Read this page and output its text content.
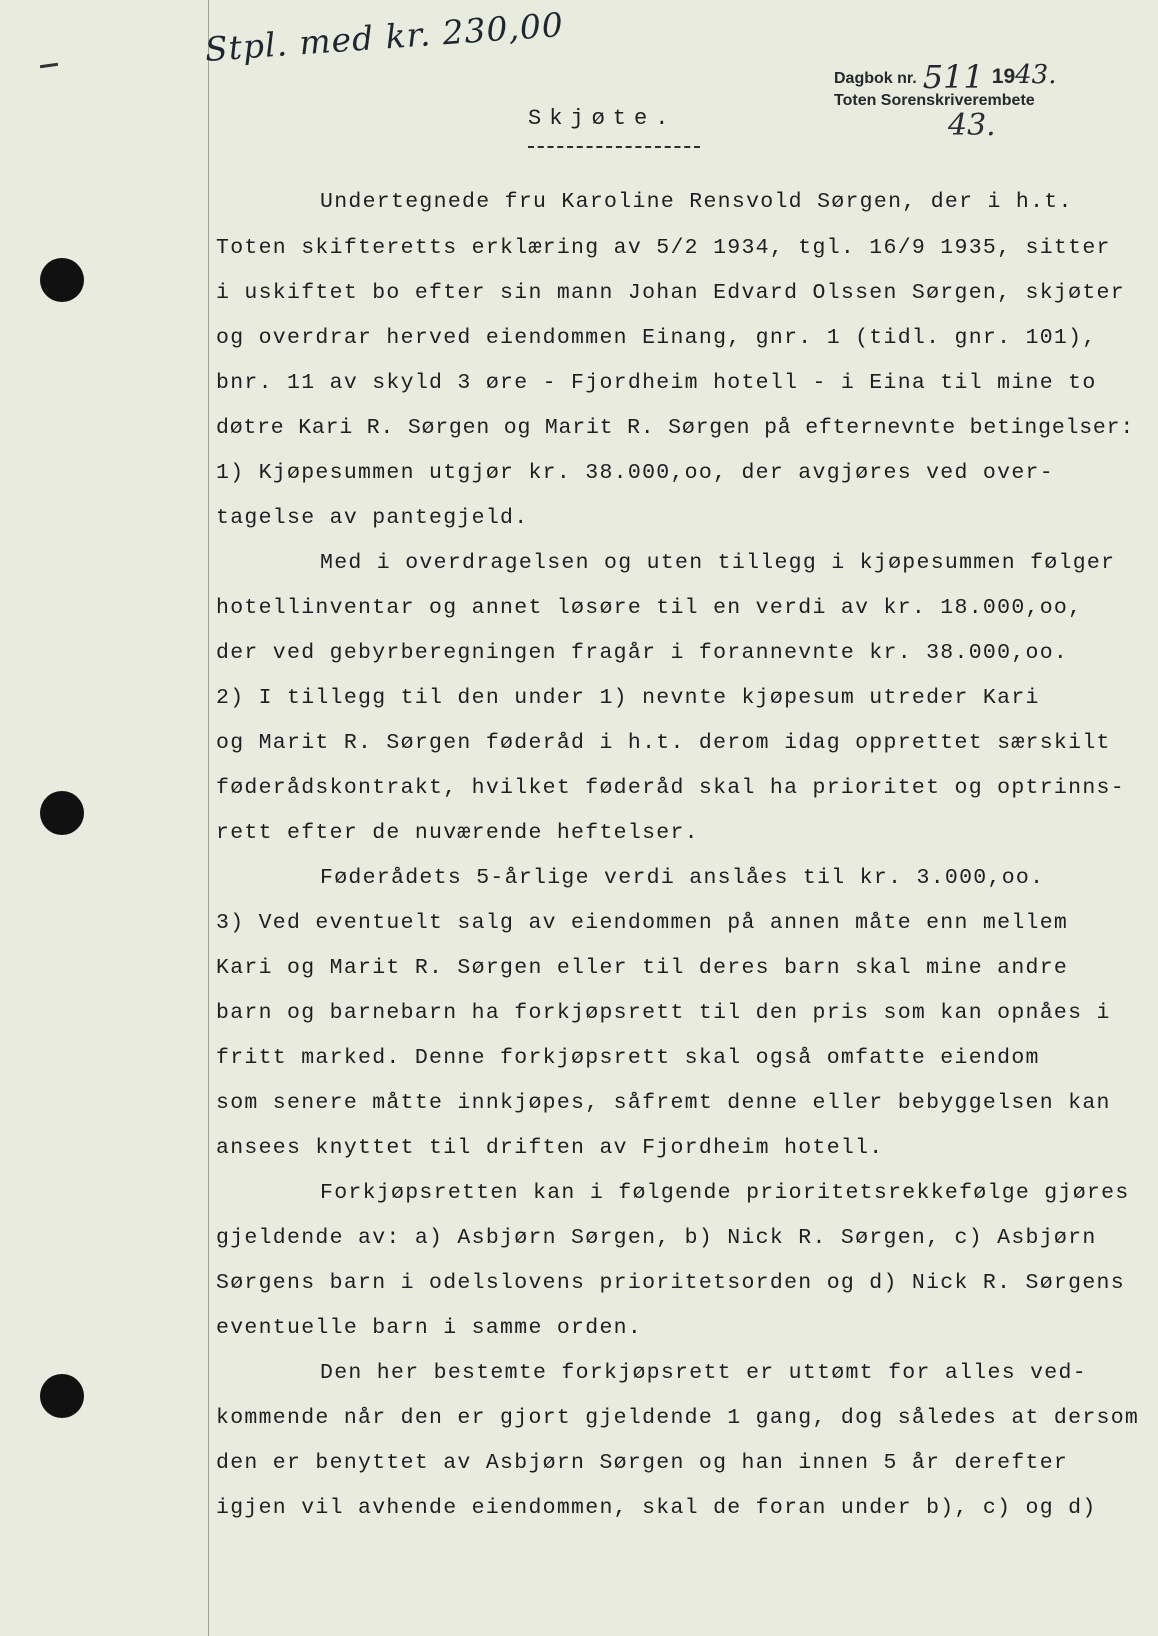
Stpl. med kr. 230,00
Dagbok nr. 511 1943.
Toten Sorenskriverembete
43.
Skjøte.
Undertegnede fru Karoline Rensvold Sørgen, der i h.t.
Toten skifteretts erklæring av 5/2 1934, tgl. 16/9 1935, sitter
i uskiftet bo efter sin mann Johan Edvard Olssen Sørgen, skjøter
og overdrar herved eiendommen Einang, gnr. 1 (tidl. gnr. 101),
bnr. 11 av skyld 3 øre - Fjordheim hotell - i Eina til mine to
døtre Kari R. Sørgen og Marit R. Sørgen på efternevnte betingelser:
1) Kjøpesummen utgjør kr. 38.000,oo, der avgjøres ved over-
tagelse av pantegjeld.
Med i overdragelsen og uten tillegg i kjøpesummen følger
hotellinventar og annet løsøre til en verdi av kr. 18.000,oo,
der ved gebyrberegningen fragår i forannevnte kr. 38.000,oo.
2) I tillegg til den under 1) nevnte kjøpesum utreder Kari
og Marit R. Sørgen føderåd i h.t. derom idag opprettet særskilt
føderådskontrakt, hvilket føderåd skal ha prioritet og optrinns-
rett efter de nuværende heftelser.
Føderådets 5-årlige verdi anslåes til kr. 3.000,oo.
3) Ved eventuelt salg av eiendommen på annen måte enn mellem
Kari og Marit R. Sørgen eller til deres barn skal mine andre
barn og barnebarn ha forkjøpsrett til den pris som kan opnåes i
fritt marked. Denne forkjøpsrett skal også omfatte eiendom
som senere måtte innkjøpes, såfremt denne eller bebyggelsen kan
ansees knyttet til driften av Fjordheim hotell.
Forkjøpsretten kan i følgende prioritetsrekkefølge gjøres
gjeldende av: a) Asbjørn Sørgen, b) Nick R. Sørgen, c) Asbjørn
Sørgens barn i odelslovens prioritetsorden og d) Nick R. Sørgens
eventuelle barn i samme orden.
Den her bestemte forkjøpsrett er uttømt for alles ved-
kommende når den er gjort gjeldende 1 gang, dog således at dersom
den er benyttet av Asbjørn Sørgen og han innen 5 år derefter
igjen vil avhende eiendommen, skal de foran under b), c) og d)
